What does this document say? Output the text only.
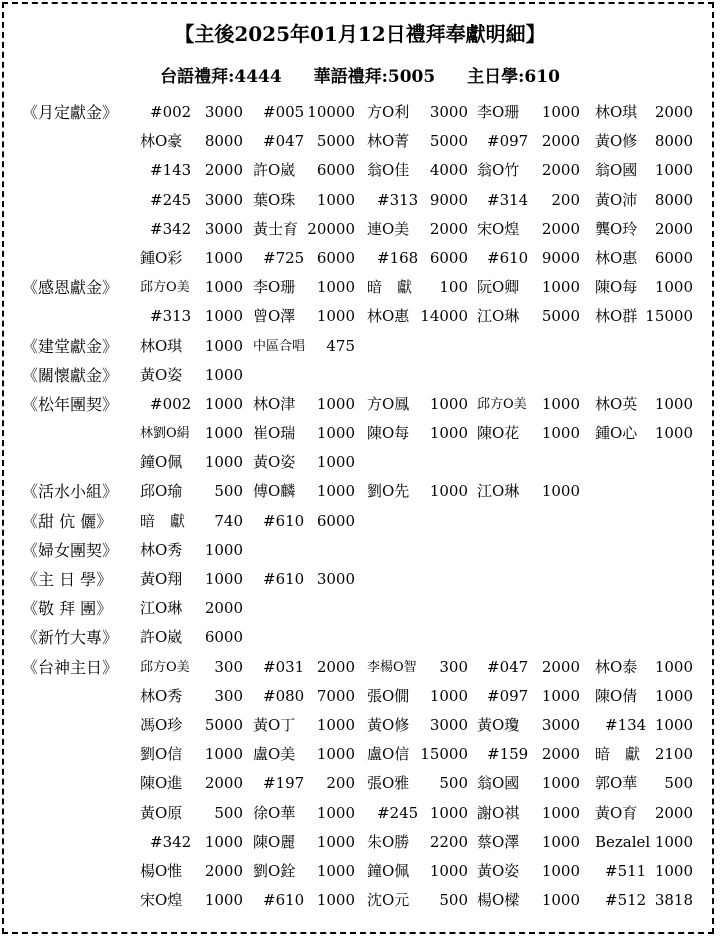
【主後2025年01月12日禮拜奉獻明細】
台語禮拜:4444 華語禮拜:5005 主日學:610
《月定獻金》 #002 3000 #005 10000 方O利	3000 李O珊	1000 林O琪	2000
林O豪	8000 #047 5000 林O菁	5000 #097 2000 黃O修	8000
#143 2000 許O崴	6000 翁O佳	4000 翁O竹	2000 翁O國	1000
#245 3000 葉O珠	1000 #313 9000 #314	200 黃O沛	8000
#342 3000 黃士育 20000 連O美	2000 宋O煌	2000 龔O玲	2000
鍾O彩	1000 #725 6000 #168 6000 #610 9000 林O惠	6000
《感恩獻金》 邱方O美	1000 李O珊	1000 暗　獻	100 阮O卿	1000 陳O每	1000
#313 1000 曾O澤	1000 林O惠 14000 江O琳	5000 林O群 15000
《建堂獻金》 林O琪	1000 中區合唱	475
《關懷獻金》 黃O姿	1000
《松年團契》 #002 1000 林O津	1000 方O鳳	1000 邱方O美	1000 林O英	1000
林劉O絹	1000 崔O瑞	1000 陳O每	1000 陳O花	1000 鍾O心	1000
鐘O佩	1000 黃O姿	1000
《活水小組》 邱O瑜	500 傅O麟	1000 劉O先	1000 江O琳	1000
《甜 伉 儷》 暗　獻	740 #610 6000
《婦女團契》 林O秀	1000
《主 日 學》 黃O翔	1000 #610 3000
《敬 拜 團》 江O琳	2000
《新竹大專》 許O崴	6000
《台神主日》 邱方O美	300 #031 2000 李楊O智	300 #047 2000 林O泰	1000
林O秀	300 #080 7000 張O僩	1000 #097 1000 陳O倩	1000
馮O珍	5000 黃O丁	1000 黃O修	3000 黃O瓊	3000 #134 1000
劉O信	1000 盧O美	1000 盧O信 15000 #159 2000 暗　獻 2100
陳O進	2000 #197	200 張O雅	500 翁O國	1000 郭O華	500
黃O原	500 徐O華	1000 #245 1000 謝O祺	1000 黃O育	2000
#342 1000 陳O麗	1000 朱O勝	2200 蔡O澤	1000 Bezalel 1000
楊O惟	2000 劉O銓	1000 鐘O佩	1000 黃O姿	1000 #511 1000
宋O煌	1000 #610 1000 沈O元	500 楊O樑	1000 #512 3818
